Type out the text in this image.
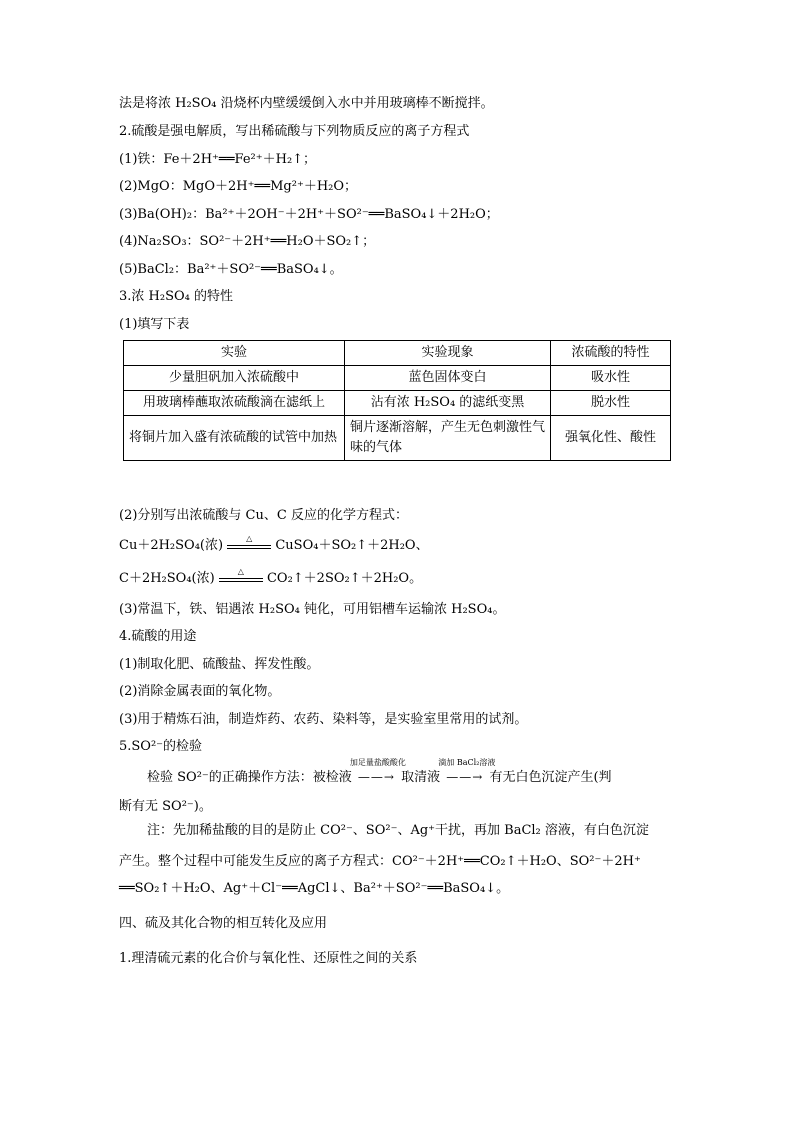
法是将浓 H₂SO₄ 沿烧杯内壁缓缓倒入水中并用玻璃棒不断搅拌。
2.硫酸是强电解质，写出稀硫酸与下列物质反应的离子方程式
(1)铁：Fe＋2H⁺══Fe²⁺＋H₂↑；
(2)MgO：MgO＋2H⁺══Mg²⁺＋H₂O；
(3)Ba(OH)₂：Ba²⁺＋2OH⁻＋2H⁺＋SO²⁻══BaSO₄↓＋2H₂O；
(4)Na₂SO₃：SO²⁻＋2H⁺══H₂O＋SO₂↑；
(5)BaCl₂：Ba²⁺＋SO²⁻══BaSO₄↓。
3.浓 H₂SO₄ 的特性
(1)填写下表
实验	实验现象	浓硫酸的特性
少量胆矾加入浓硫酸中	蓝色固体变白	吸水性
用玻璃棒蘸取浓硫酸滴在滤纸上	沾有浓 H₂SO₄ 的滤纸变黑	脱水性
将铜片加入盛有浓硫酸的试管中加热	铜片逐渐溶解，产生无色刺激性气味的气体	强氧化性、酸性
(2)分别写出浓硫酸与 Cu、C 反应的化学方程式：
Cu＋2H₂SO₄(浓)	△	CuSO₄＋SO₂↑＋2H₂O、
C＋2H₂SO₄(浓)	△	CO₂↑＋2SO₂↑＋2H₂O。
(3)常温下，铁、铝遇浓 H₂SO₄ 钝化，可用铝槽车运输浓 H₂SO₄。
4.硫酸的用途
(1)制取化肥、硫酸盐、挥发性酸。
(2)消除金属表面的氧化物。
(3)用于精炼石油，制造炸药、农药、染料等，是实验室里常用的试剂。
5.SO²⁻的检验
检验 SO²⁻的正确操作方法：被检液
加足量盐酸酸化
——→ 取清液
滴加 BaCl₂溶液
——→ 有无白色沉淀产生(判
断有无 SO²⁻)。
注：先加稀盐酸的目的是防止 CO²⁻、SO²⁻、Ag⁺干扰，再加 BaCl₂ 溶液，有白色沉淀
产生。整个过程中可能发生反应的离子方程式：CO²⁻＋2H⁺══CO₂↑＋H₂O、SO²⁻＋2H⁺
══SO₂↑＋H₂O、Ag⁺＋Cl⁻══AgCl↓、Ba²⁺＋SO²⁻══BaSO₄↓。
四、硫及其化合物的相互转化及应用
1.理清硫元素的化合价与氧化性、还原性之间的关系
